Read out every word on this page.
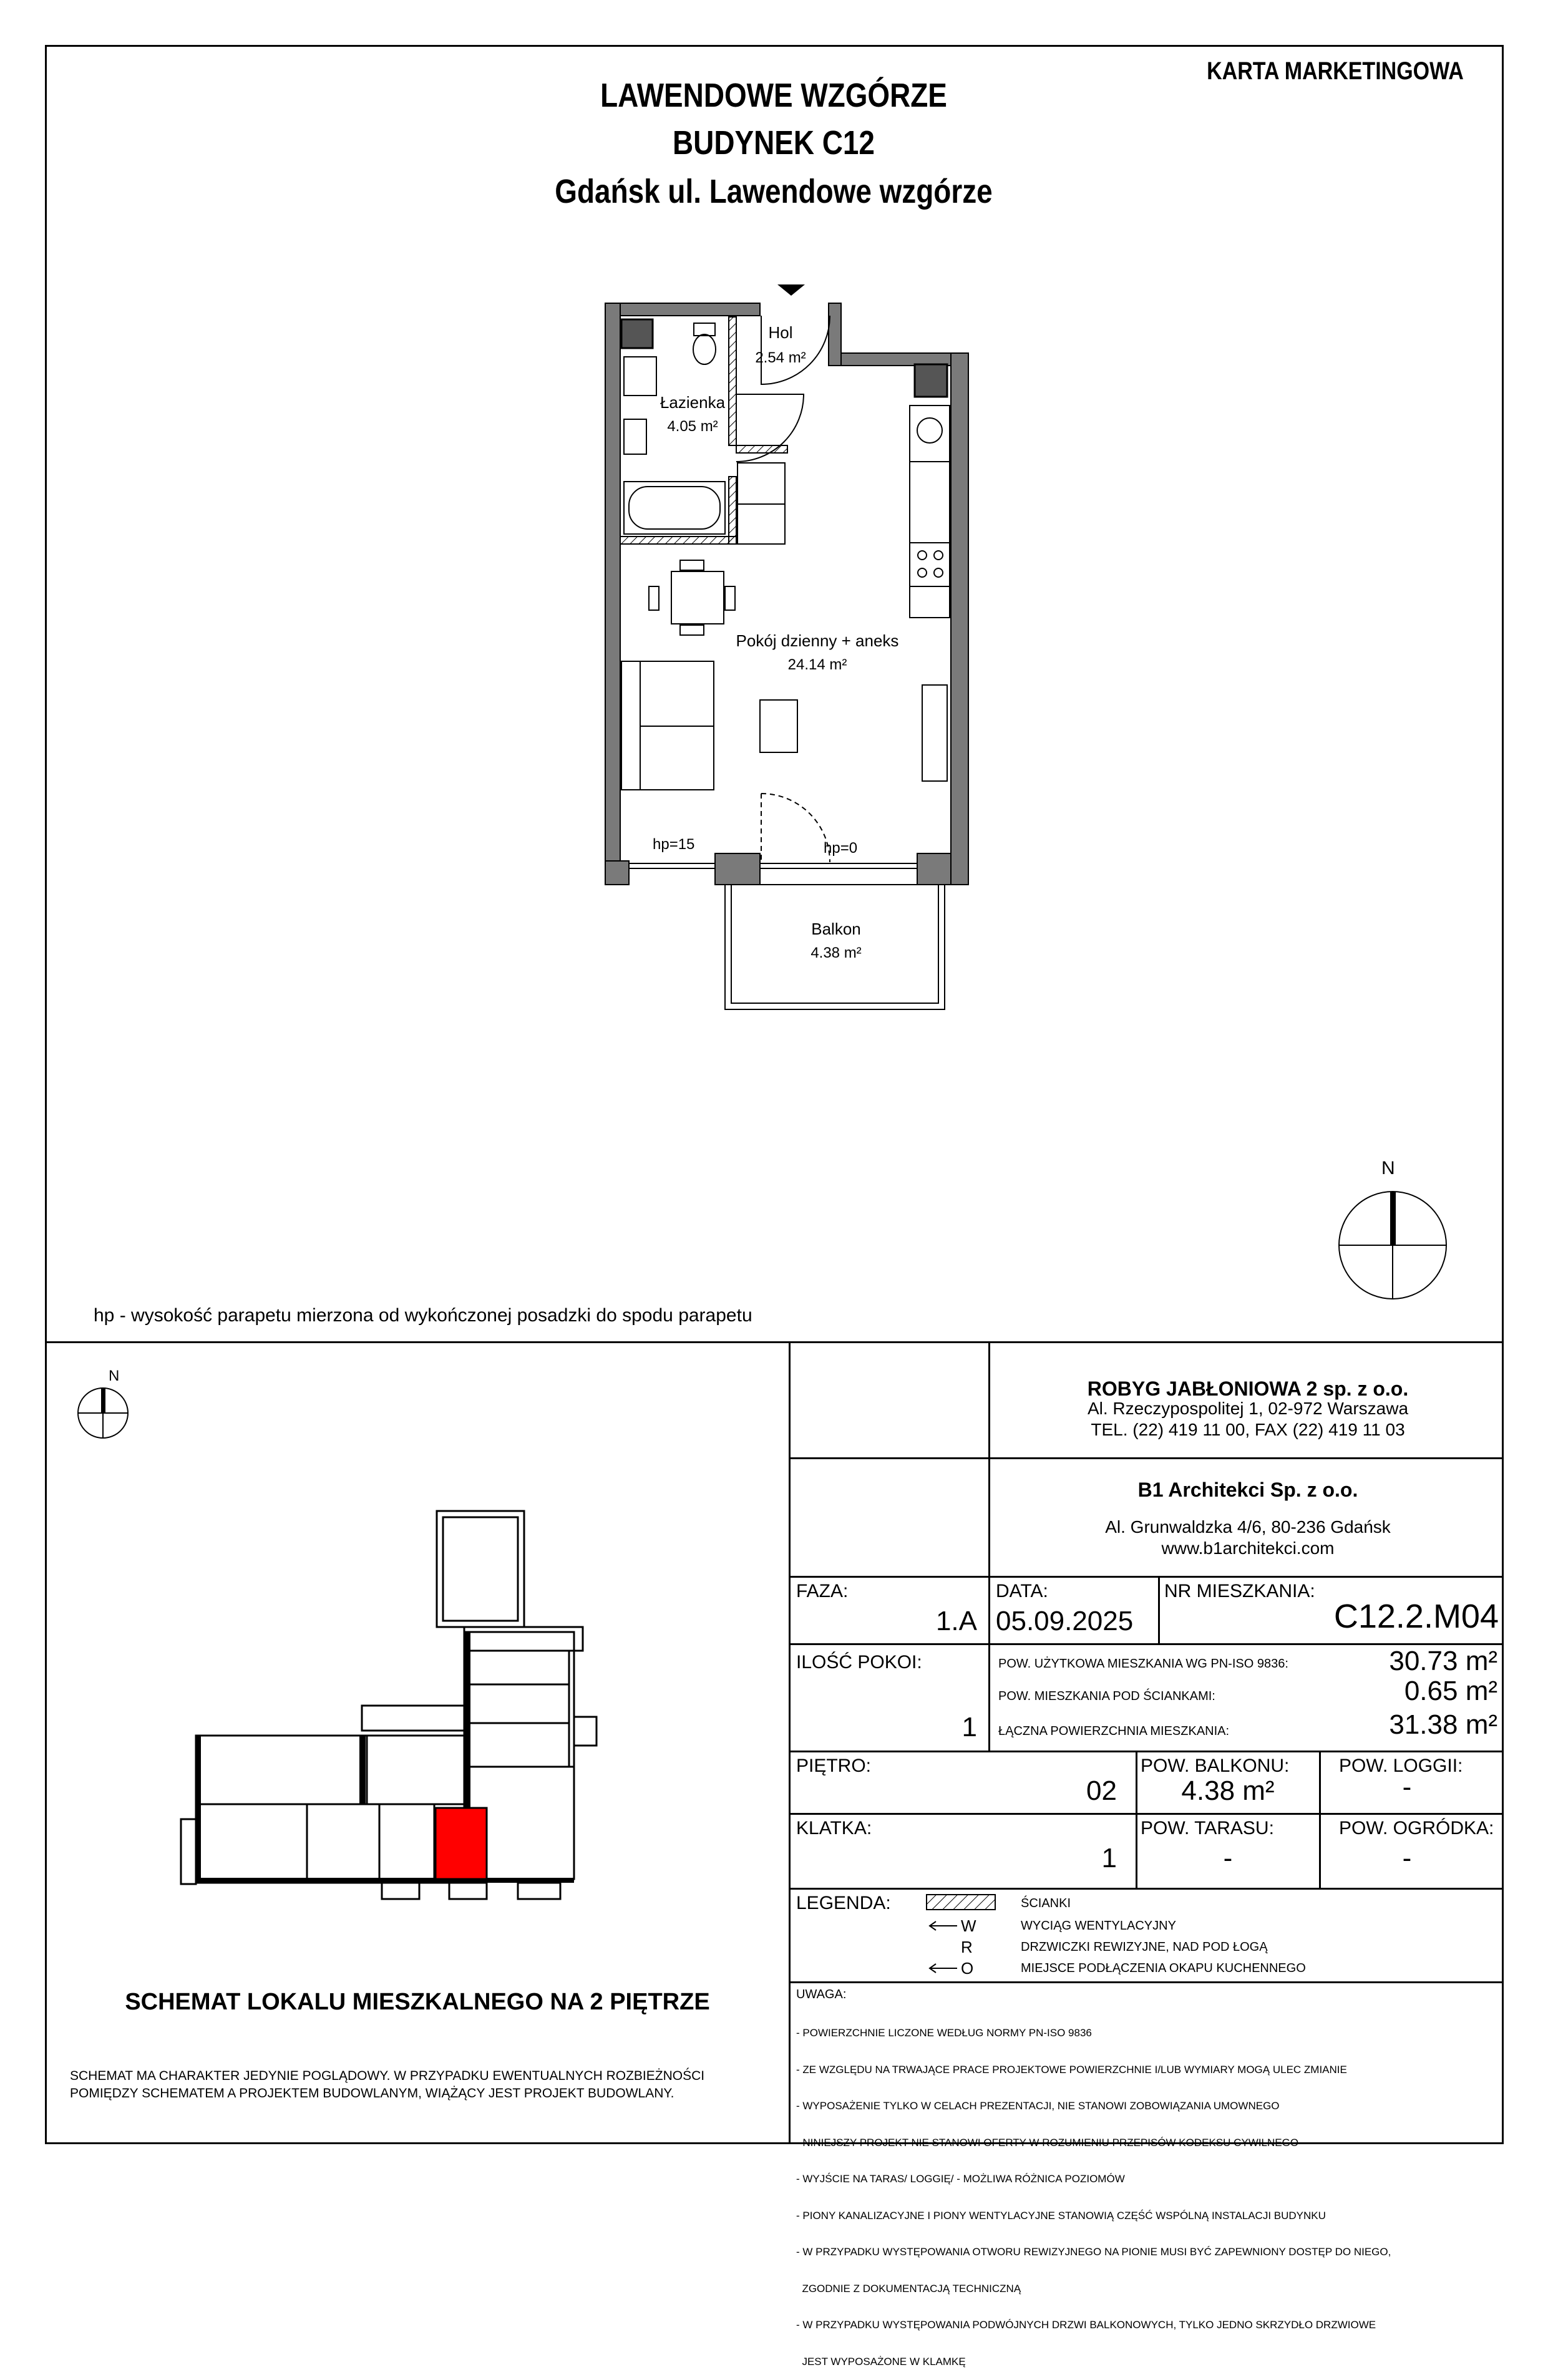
LAWENDOWE WZGÓRZE
BUDYNEK C12
Gdańsk ul. Lawendowe wzgórze
KARTA MARKETINGOWA
Hol
2.54 m²
Łazienka
4.05 m²
Pokój dzienny + aneks
24.14 m²
Balkon
4.38 m²
hp=15	hp=0
N
hp - wysokość parapetu mierzona od wykończonej posadzki do spodu parapetu
N
SCHEMAT LOKALU MIESZKALNEGO NA 2 PIĘTRZE
SCHEMAT MA CHARAKTER JEDYNIE POGLĄDOWY. W PRZYPADKU EWENTUALNYCH ROZBIEŻNOŚCI
POMIĘDZY SCHEMATEM A PROJEKTEM BUDOWLANYM, WIĄŻĄCY JEST PROJEKT BUDOWLANY.
ROBYG JABŁONIOWA 2 sp. z o.o.
Al. Rzeczypospolitej 1, 02-972 Warszawa
TEL. (22) 419 11 00, FAX (22) 419 11 03
B1 Architekci Sp. z o.o.
Al. Grunwaldzka 4/6, 80-236 Gdańsk
www.b1architekci.com
FAZA:
1.A
DATA:
05.09.2025
NR MIESZKANIA:
C12.2.M04
ILOŚĆ POKOI:
1
POW. UŻYTKOWA MIESZKANIA WG PN-ISO 9836:	30.73 m²
POW. MIESZKANIA POD ŚCIANKAMI:	0.65 m²
ŁĄCZNA POWIERZCHNIA MIESZKANIA:	31.38 m²
PIĘTRO:
02
POW. BALKONU:
4.38 m²
POW. LOGGII:
-
KLATKA:
1
POW. TARASU:
-
POW. OGRÓDKA:
-
LEGENDA:	ŚCIANKI
W	WYCIĄG WENTYLACYJNY
R	DRZWICZKI REWIZYJNE, NAD POD ŁOGĄ
O	MIEJSCE PODŁĄCZENIA OKAPU KUCHENNEGO
UWAGA:

- POWIERZCHNIE LICZONE WEDŁUG NORMY PN-ISO 9836

- ZE WZGLĘDU NA TRWAJĄCE PRACE PROJEKTOWE POWIERZCHNIE I/LUB WYMIARY MOGĄ ULEC ZMIANIE

- WYPOSAŻENIE TYLKO W CELACH PREZENTACJI, NIE STANOWI ZOBOWIĄZANIA UMOWNEGO

- NINIEJSZY PROJEKT NIE STANOWI OFERTY W ROZUMIENIU PRZEPISÓW KODEKSU CYWILNEGO

- WYJŚCIE NA TARAS/ LOGGIĘ/ - MOŻLIWA RÓŻNICA POZIOMÓW

- PIONY KANALIZACYJNE I PIONY WENTYLACYJNE STANOWIĄ CZĘŚĆ WSPÓLNĄ INSTALACJI BUDYNKU

- W PRZYPADKU WYSTĘPOWANIA OTWORU REWIZYJNEGO NA PIONIE MUSI BYĆ ZAPEWNIONY DOSTĘP DO NIEGO,

ZGODNIE Z DOKUMENTACJĄ TECHNICZNĄ

- W PRZYPADKU WYSTĘPOWANIA PODWÓJNYCH DRZWI BALKONOWYCH, TYLKO JEDNO SKRZYDŁO DRZWIOWE

JEST WYPOSAŻONE W KLAMKĘ
